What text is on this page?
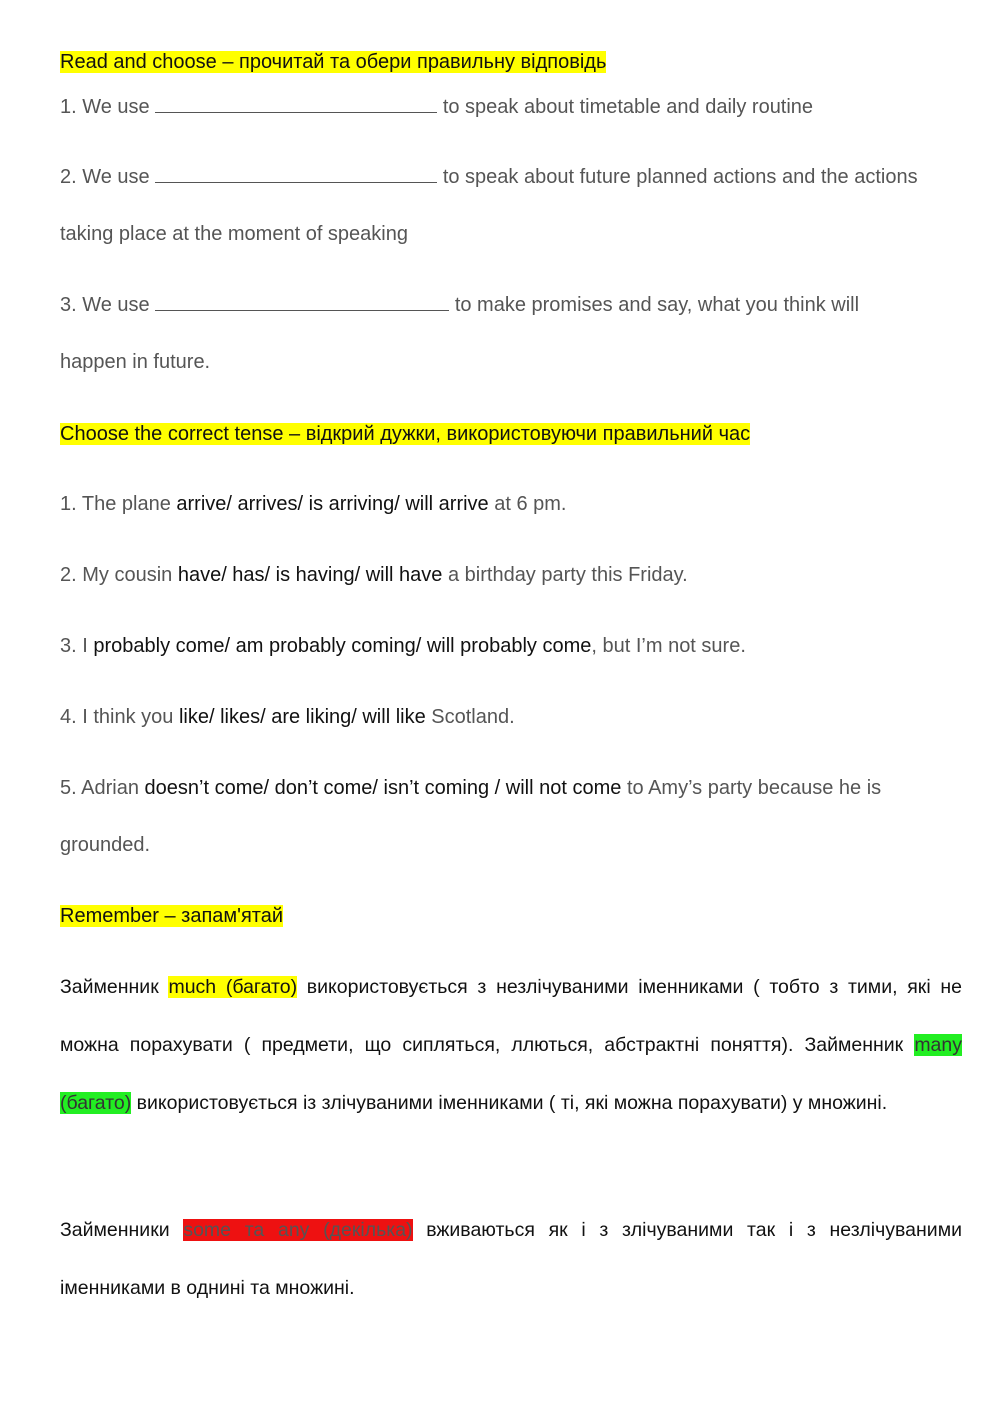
Read and choose – прочитай та обери правильну відповідь

1. We use	to speak about timetable and daily routine

2. We use	to speak about future planned actions and the actions

taking place at the moment of speaking

3. We use	to make promises and say, what you think will

happen in future.

Choose the correct tense – відкрий дужки, використовуючи правильний час

1. The plane arrive/ arrives/ is arriving/ will arrive at 6 pm.

2. My cousin have/ has/ is having/ will have a birthday party this Friday.

3. I probably come/ am probably coming/ will probably come, but I’m not sure.

4. I think you like/ likes/ are liking/ will like Scotland.

5. Adrian doesn’t come/ don’t come/ isn’t coming / will not come to Amy’s party because he is

grounded.

Remember – запам'ятай

Займенник much (багато) використовується з незлічуваними іменниками ( тобто з тими, які не можна порахувати ( предмети, що сипляться, ллються, абстрактні поняття). Займенник many (багато) використовується із злічуваними іменниками ( ті, які можна порахувати) у множині.

Займенники some та any (декілька) вживаються як і з злічуваними так і з незлічуваними іменниками в однині та множині.
